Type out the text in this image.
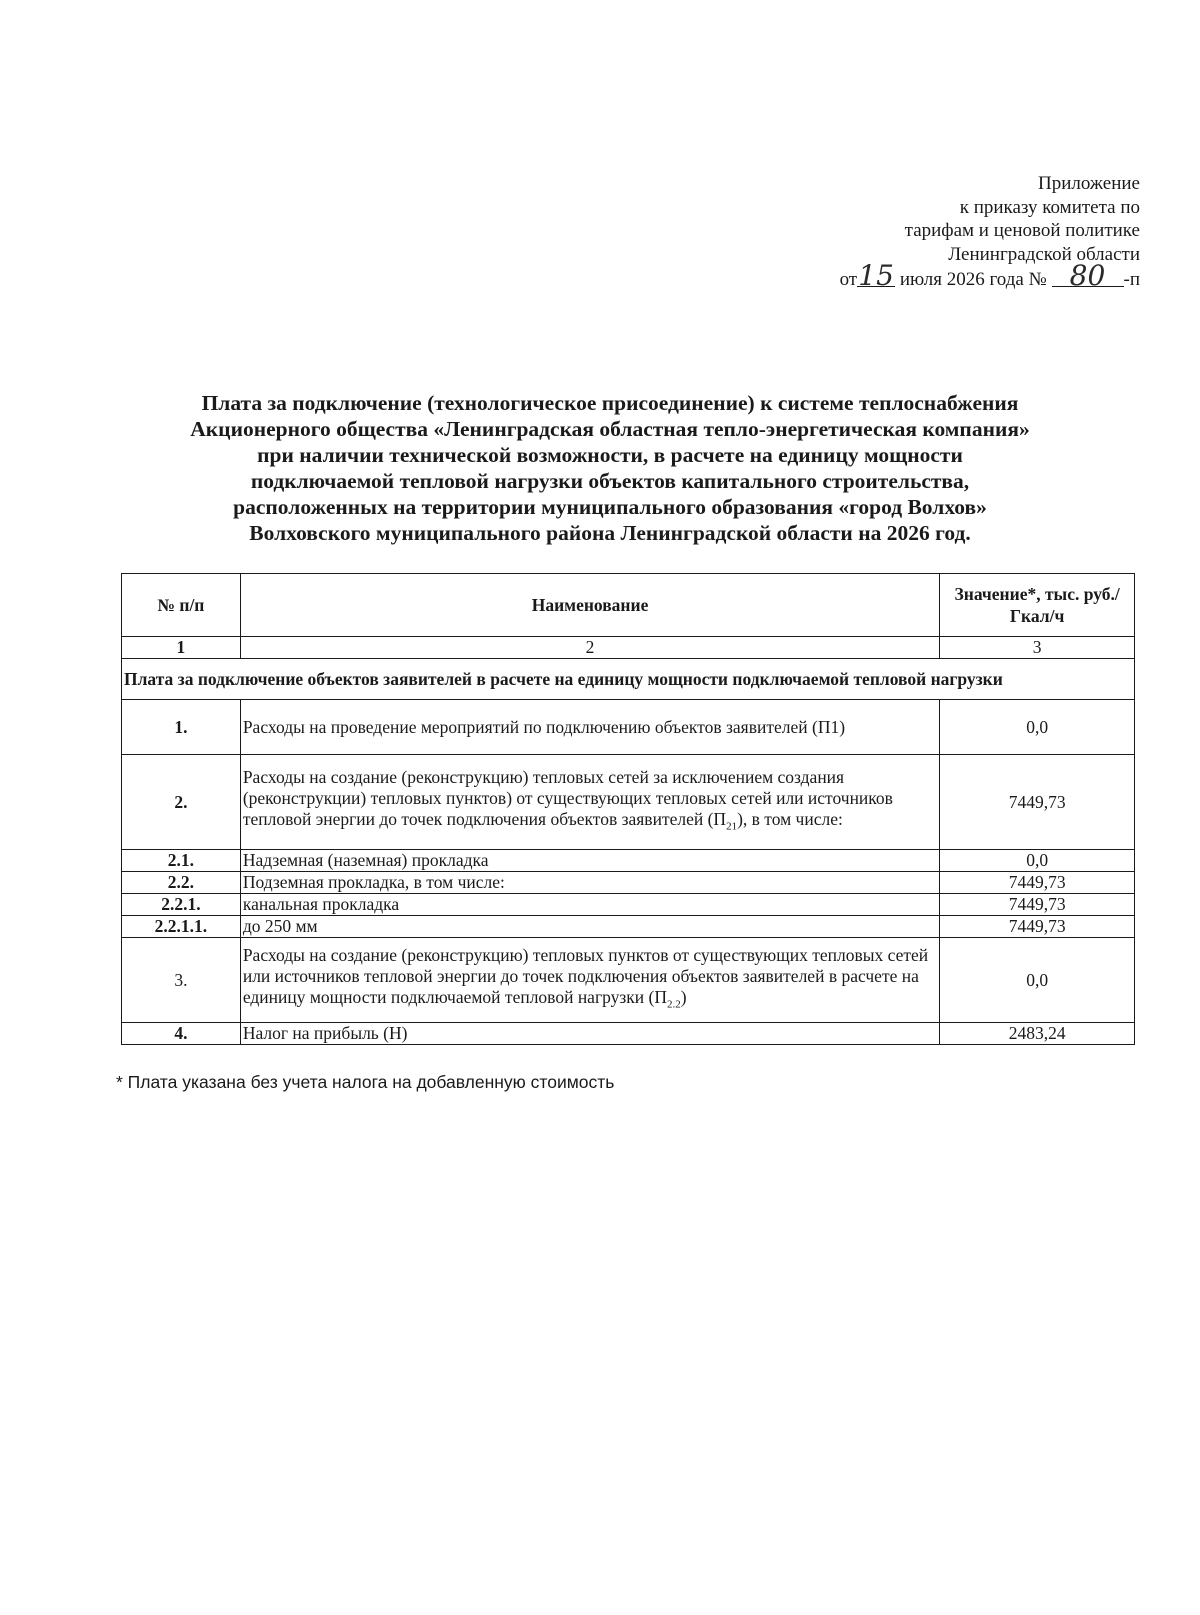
Приложение
к приказу комитета по
тарифам и ценовой политике
Ленинградской области
от15 июля 2026 года № 80 -п
Плата за подключение (технологическое присоединение) к системе теплоснабжения
Акционерного общества «Ленинградская областная тепло-энергетическая компания»
при наличии технической возможности, в расчете на единицу мощности
подключаемой тепловой нагрузки объектов капитального строительства,
расположенных на территории муниципального образования «город Волхов»
Волховского муниципального района Ленинградской области на 2026 год.
№ п/п	Наименование	Значение*, тыс. руб./Гкал/ч
1	2	3
Плата за подключение объектов заявителей в расчете на единицу мощности подключаемой тепловой нагрузки		
1.	Расходы на проведение мероприятий по подключению объектов заявителей (П1)	0,0
2.	Расходы на создание (реконструкцию) тепловых сетей за исключением создания (реконструкции) тепловых пунктов) от существующих тепловых сетей или источников тепловой энергии до точек подключения объектов заявителей $(П_{21})$, в том числе:	7449,73
2.1.	Надземная (наземная) прокладка	0,0
2.2.	Подземная прокладка, в том числе:	7449,73
2.2.1.	канальная прокладка	7449,73
2.2.1.1.	до 250 мм	7449,73
3.	Расходы на создание (реконструкцию) тепловых пунктов от существующих тепловых сетей или источников тепловой энергии до точек подключения объектов заявителей в расчете на единицу мощности подключаемой тепловой нагрузки $(П_{2.2})$	0,0
4.	Налог на прибыль (Н)	2483,24
* Плата указана без учета налога на добавленную стоимость
